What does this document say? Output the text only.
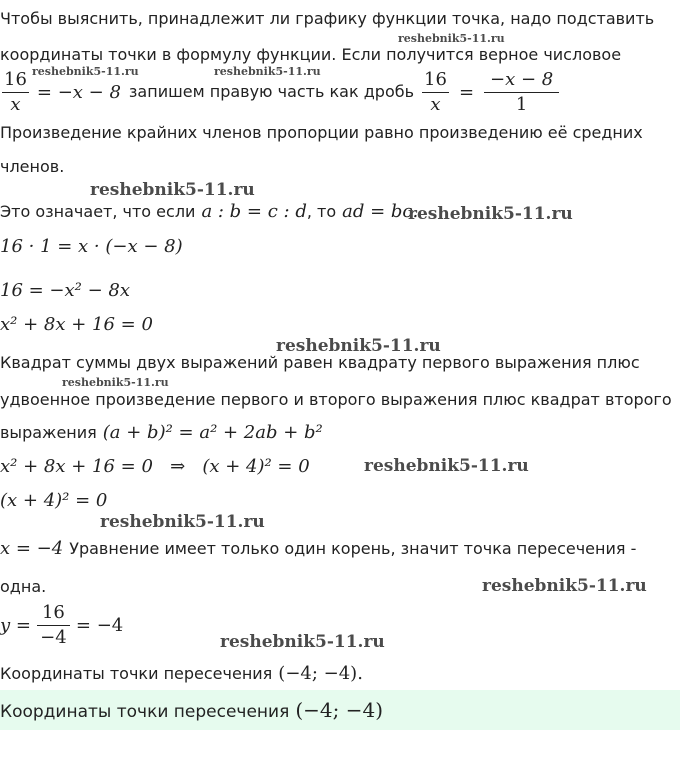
Чтобы выяснить, принадлежит ли графику функции точка, надо подставить
координаты точки в формулу функции. Если получится верное числовое
$\frac{16}{x} = -x - 8$ запишем правую часть как дробь $\frac{16}{x} = \frac{-x - 8}{1}$
Произведение крайних членов пропорции равно произведению её средних
членов.
Это означает, что если a : b = c : d , то ad = bc.
16 · 1 = x · (−x − 8)
16 = −x² − 8x
x² + 8x + 16 = 0
Квадрат суммы двух выражений равен квадрату первого выражения плюс
удвоенное произведение первого и второго выражения плюс квадрат второго
выражения (a + b)² = a² + 2ab + b²
x² + 8x + 16 = 0   ⇒   (x + 4)² = 0
(x + 4)² = 0
x = −4 Уравнение имеет только один корень, значит точка пересечения -
одна.
$y = \frac{16}{-4} = -4$
Координаты точки пересечения (−4; −4).
Координаты точки пересечения (−4; −4)
reshebnik5-11.ru
reshebnik5-11.ru	reshebnik5-11.ru
reshebnik5-11.ru
reshebnik5-11.ru
reshebnik5-11.ru
reshebnik5-11.ru
reshebnik5-11.ru
reshebnik5-11.ru
reshebnik5-11.ru
reshebnik5-11.ru
